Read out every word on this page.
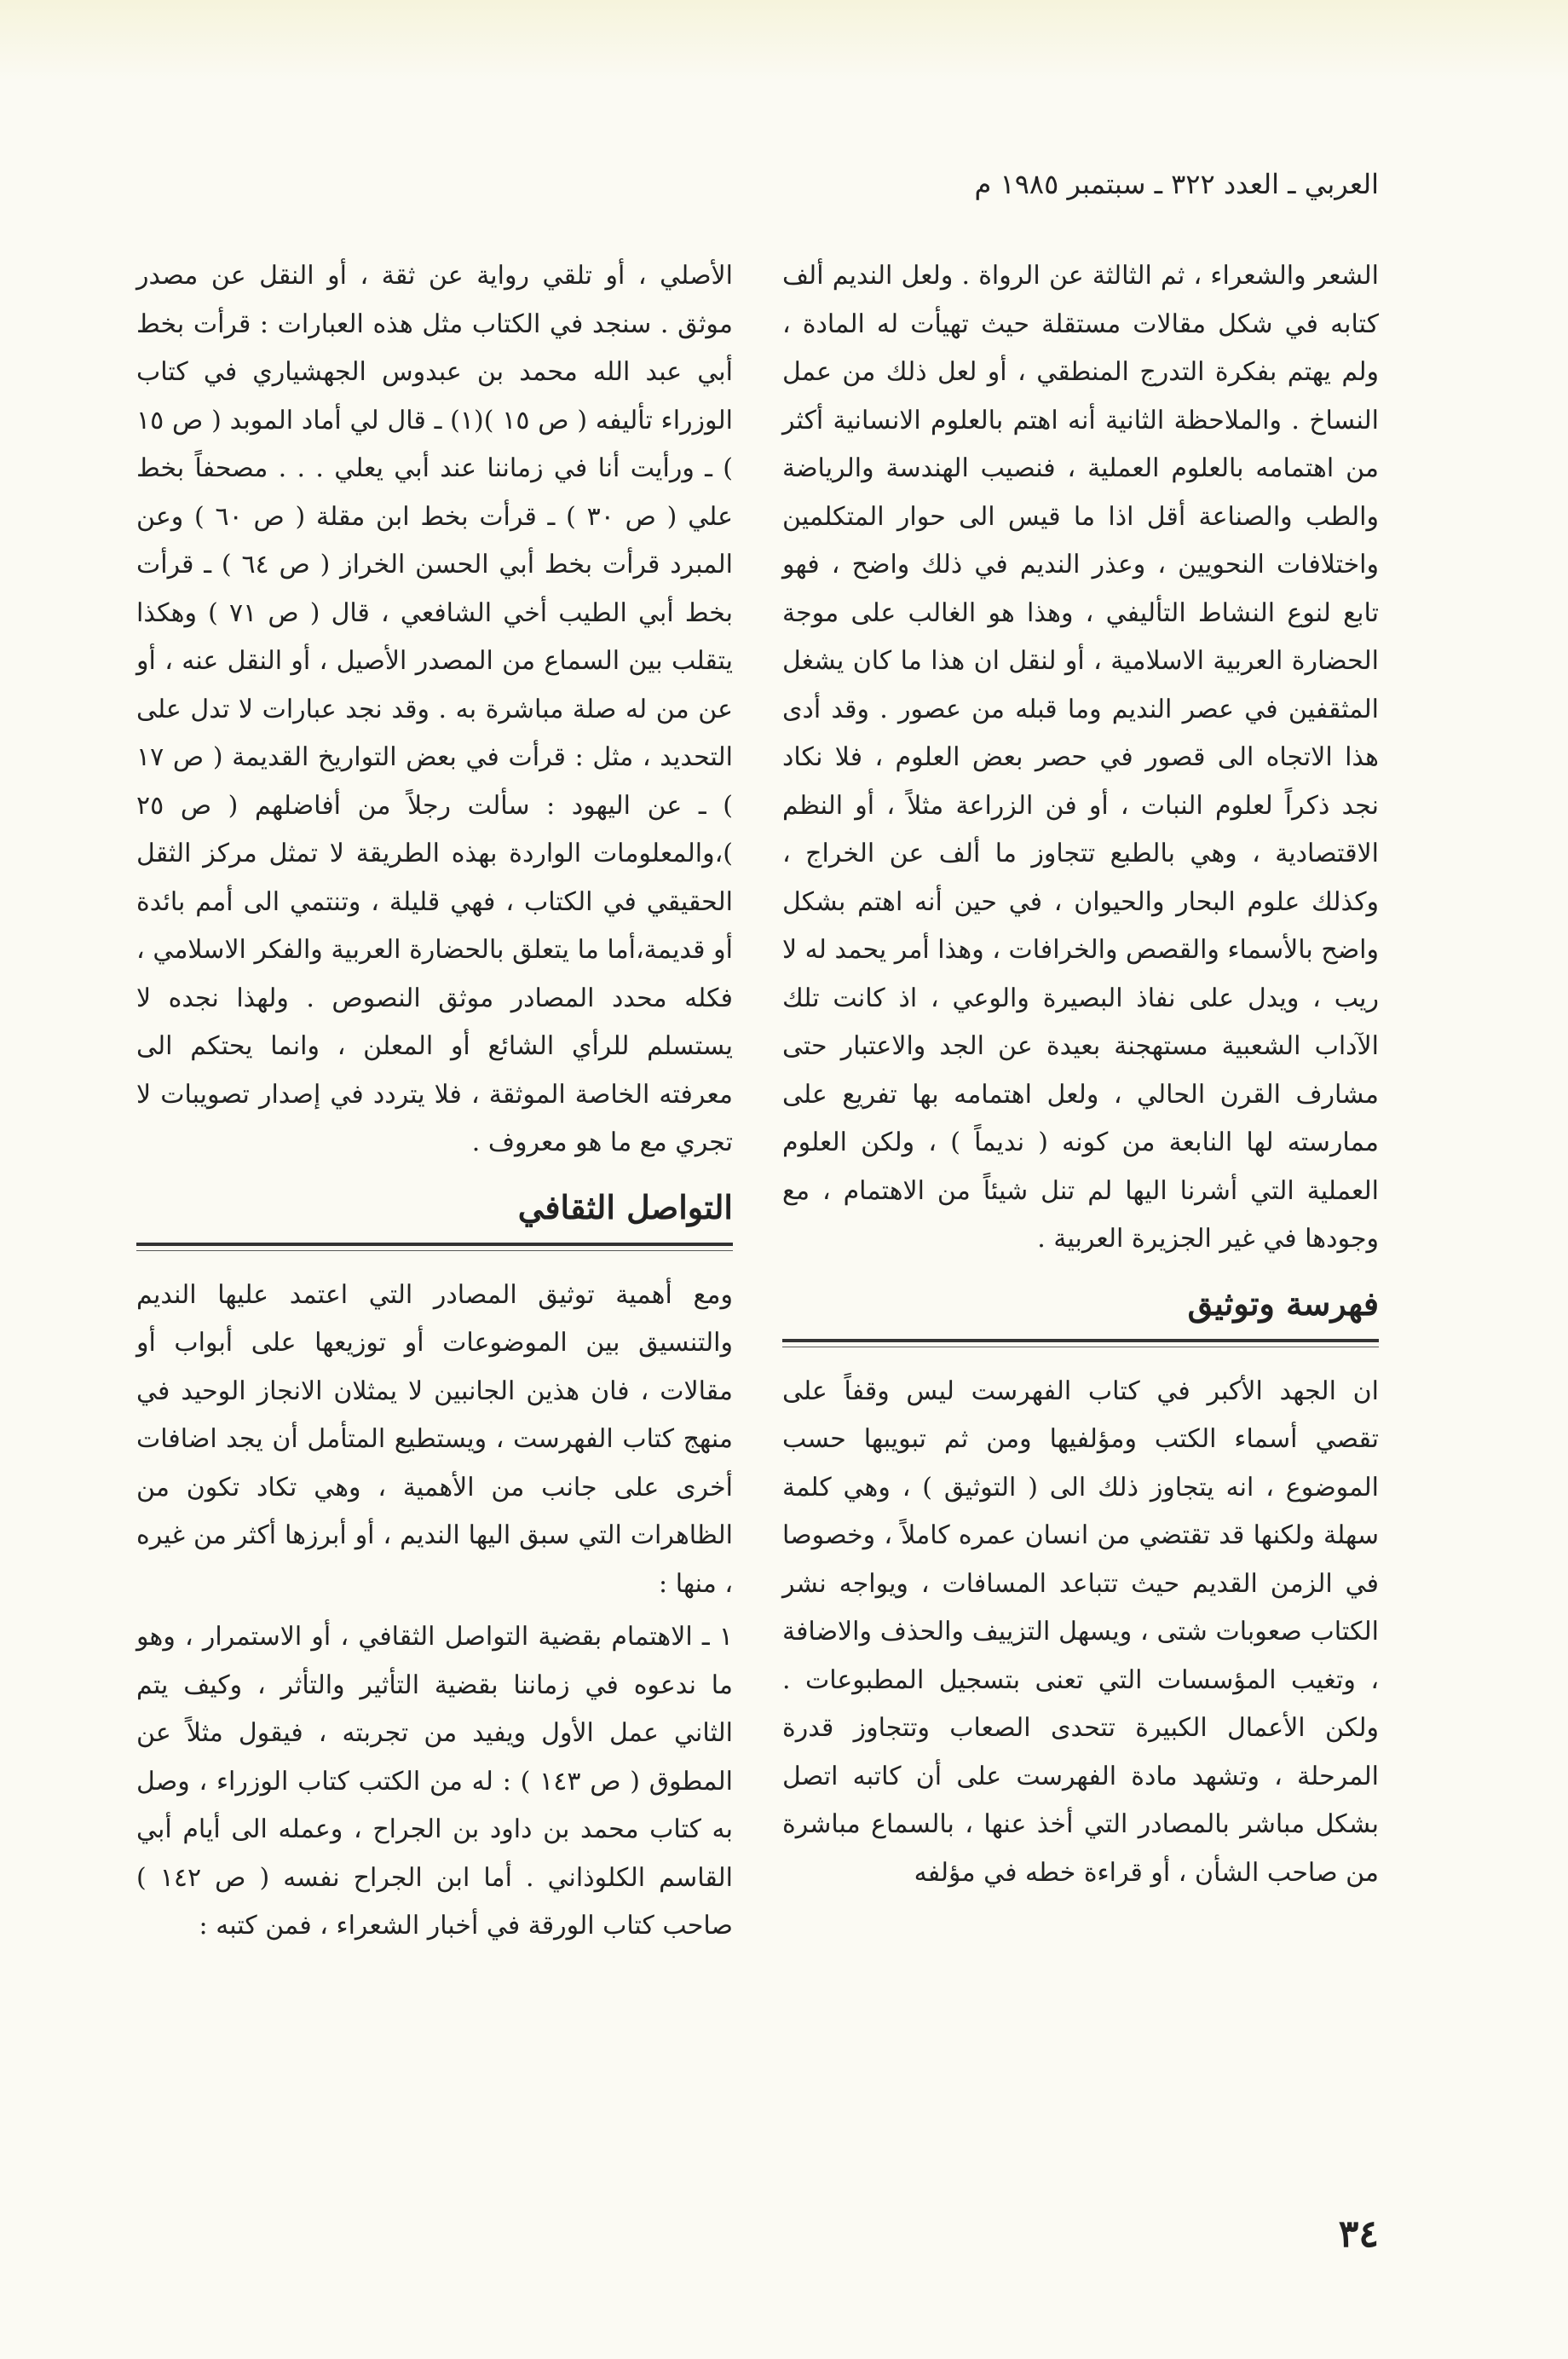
العربي ـ العدد ٣٢٢ ـ سبتمبر ١٩٨٥ م

الشعر والشعراء ، ثم الثالثة عن الرواة . ولعل النديم ألف كتابه في شكل مقالات مستقلة حيث تهيأت له المادة ، ولم يهتم بفكرة التدرج المنطقي ، أو لعل ذلك من عمل النساخ . والملاحظة الثانية أنه اهتم بالعلوم الانسانية أكثر من اهتمامه بالعلوم العملية ، فنصيب الهندسة والرياضة والطب والصناعة أقل اذا ما قيس الى حوار المتكلمين واختلافات النحويين ، وعذر النديم في ذلك واضح ، فهو تابع لنوع النشاط التأليفي ، وهذا هو الغالب على موجة الحضارة العربية الاسلامية ، أو لنقل ان هذا ما كان يشغل المثقفين في عصر النديم وما قبله من عصور . وقد أدى هذا الاتجاه الى قصور في حصر بعض العلوم ، فلا نكاد نجد ذكراً لعلوم النبات ، أو فن الزراعة مثلاً ، أو النظم الاقتصادية ، وهي بالطبع تتجاوز ما ألف عن الخراج ، وكذلك علوم البحار والحيوان ، في حين أنه اهتم بشكل واضح بالأسماء والقصص والخرافات ، وهذا أمر يحمد له لا ريب ، ويدل على نفاذ البصيرة والوعي ، اذ كانت تلك الآداب الشعبية مستهجنة بعيدة عن الجد والاعتبار حتى مشارف القرن الحالي ، ولعل اهتمامه بها تفريع على ممارسته لها النابعة من كونه ( نديماً ) ، ولكن العلوم العملية التي أشرنا اليها لم تنل شيئاً من الاهتمام ، مع وجودها في غير الجزيرة العربية .

فهرسة وتوثيق

ان الجهد الأكبر في كتاب الفهرست ليس وقفاً على تقصي أسماء الكتب ومؤلفيها ومن ثم تبويبها حسب الموضوع ، انه يتجاوز ذلك الى ( التوثيق ) ، وهي كلمة سهلة ولكنها قد تقتضي من انسان عمره كاملاً ، وخصوصا في الزمن القديم حيث تتباعد المسافات ، ويواجه نشر الكتاب صعوبات شتى ، ويسهل التزييف والحذف والاضافة ، وتغيب المؤسسات التي تعنى بتسجيل المطبوعات . ولكن الأعمال الكبيرة تتحدى الصعاب وتتجاوز قدرة المرحلة ، وتشهد مادة الفهرست على أن كاتبه اتصل بشكل مباشر بالمصادر التي أخذ عنها ، بالسماع مباشرة من صاحب الشأن ، أو قراءة خطه في مؤلفه

الأصلي ، أو تلقي رواية عن ثقة ، أو النقل عن مصدر موثق . سنجد في الكتاب مثل هذه العبارات : قرأت بخط أبي عبد الله محمد بن عبدوس الجهشياري في كتاب الوزراء تأليفه ( ص ١٥ )(١) ـ قال لي أماد الموبد ( ص ١٥ ) ـ ورأيت أنا في زماننا عند أبي يعلي . . . مصحفاً بخط علي ( ص ٣٠ ) ـ قرأت بخط ابن مقلة ( ص ٦٠ ) وعن المبرد قرأت بخط أبي الحسن الخراز ( ص ٦٤ ) ـ قرأت بخط أبي الطيب أخي الشافعي ، قال ( ص ٧١ ) وهكذا يتقلب بين السماع من المصدر الأصيل ، أو النقل عنه ، أو عن من له صلة مباشرة به . وقد نجد عبارات لا تدل على التحديد ، مثل : قرأت في بعض التواريخ القديمة ( ص ١٧ ) ـ عن اليهود : سألت رجلاً من أفاضلهم ( ص ٢٥ )،والمعلومات الواردة بهذه الطريقة لا تمثل مركز الثقل الحقيقي في الكتاب ، فهي قليلة ، وتنتمي الى أمم بائدة أو قديمة،أما ما يتعلق بالحضارة العربية والفكر الاسلامي ، فكله محدد المصادر موثق النصوص . ولهذا نجده لا يستسلم للرأي الشائع أو المعلن ، وانما يحتكم الى معرفته الخاصة الموثقة ، فلا يتردد في إصدار تصويبات لا تجري مع ما هو معروف .

التواصل الثقافي

ومع أهمية توثيق المصادر التي اعتمد عليها النديم والتنسيق بين الموضوعات أو توزيعها على أبواب أو مقالات ، فان هذين الجانبين لا يمثلان الانجاز الوحيد في منهج كتاب الفهرست ، ويستطيع المتأمل أن يجد اضافات أخرى على جانب من الأهمية ، وهي تكاد تكون من الظاهرات التي سبق اليها النديم ، أو أبرزها أكثر من غيره ، منها :

١ ـ الاهتمام بقضية التواصل الثقافي ، أو الاستمرار ، وهو ما ندعوه في زماننا بقضية التأثير والتأثر ، وكيف يتم الثاني عمل الأول ويفيد من تجربته ، فيقول مثلاً عن المطوق ( ص ١٤٣ ) : له من الكتب كتاب الوزراء ، وصل به كتاب محمد بن داود بن الجراح ، وعمله الى أيام أبي القاسم الكلوذاني . أما ابن الجراح نفسه ( ص ١٤٢ ) صاحب كتاب الورقة في أخبار الشعراء ، فمن كتبه :

٣٤
